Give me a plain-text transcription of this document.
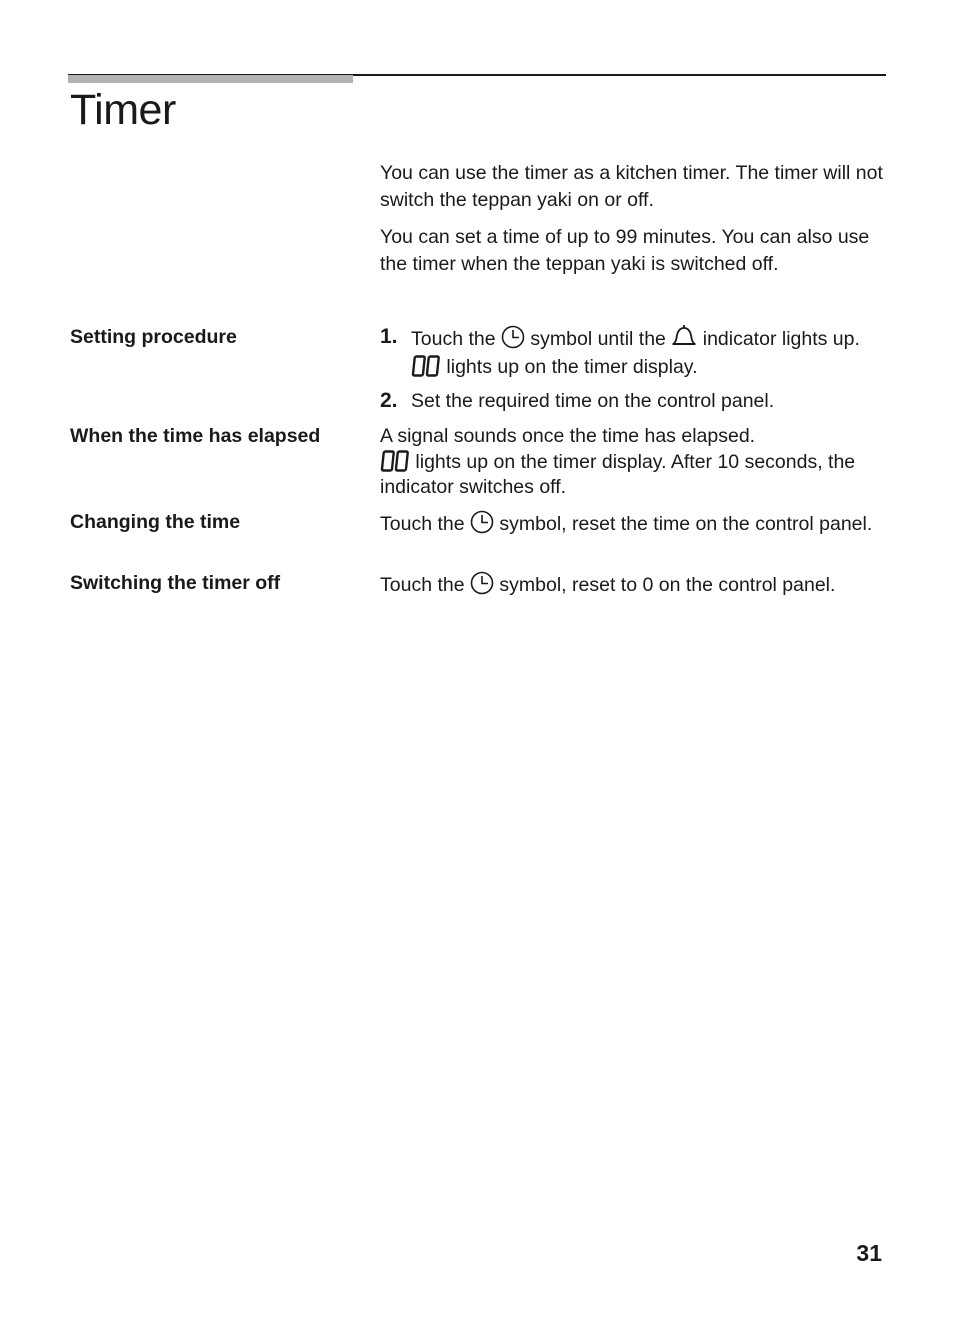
Timer

You can use the timer as a kitchen timer. The timer will not switch the teppan yaki on or off.

You can set a time of up to 99 minutes. You can also use the timer when the teppan yaki is switched off.

Setting procedure	1. Touch the symbol until the indicator lights up.
lights up on the timer display.
2. Set the required time on the control panel.

When the time has elapsed	A signal sounds once the time has elapsed.
lights up on the timer display. After 10 seconds, the indicator switches off.

Changing the time	Touch the symbol, reset the time on the control panel.

Switching the timer off	Touch the symbol, reset to 0 on the control panel.
31
